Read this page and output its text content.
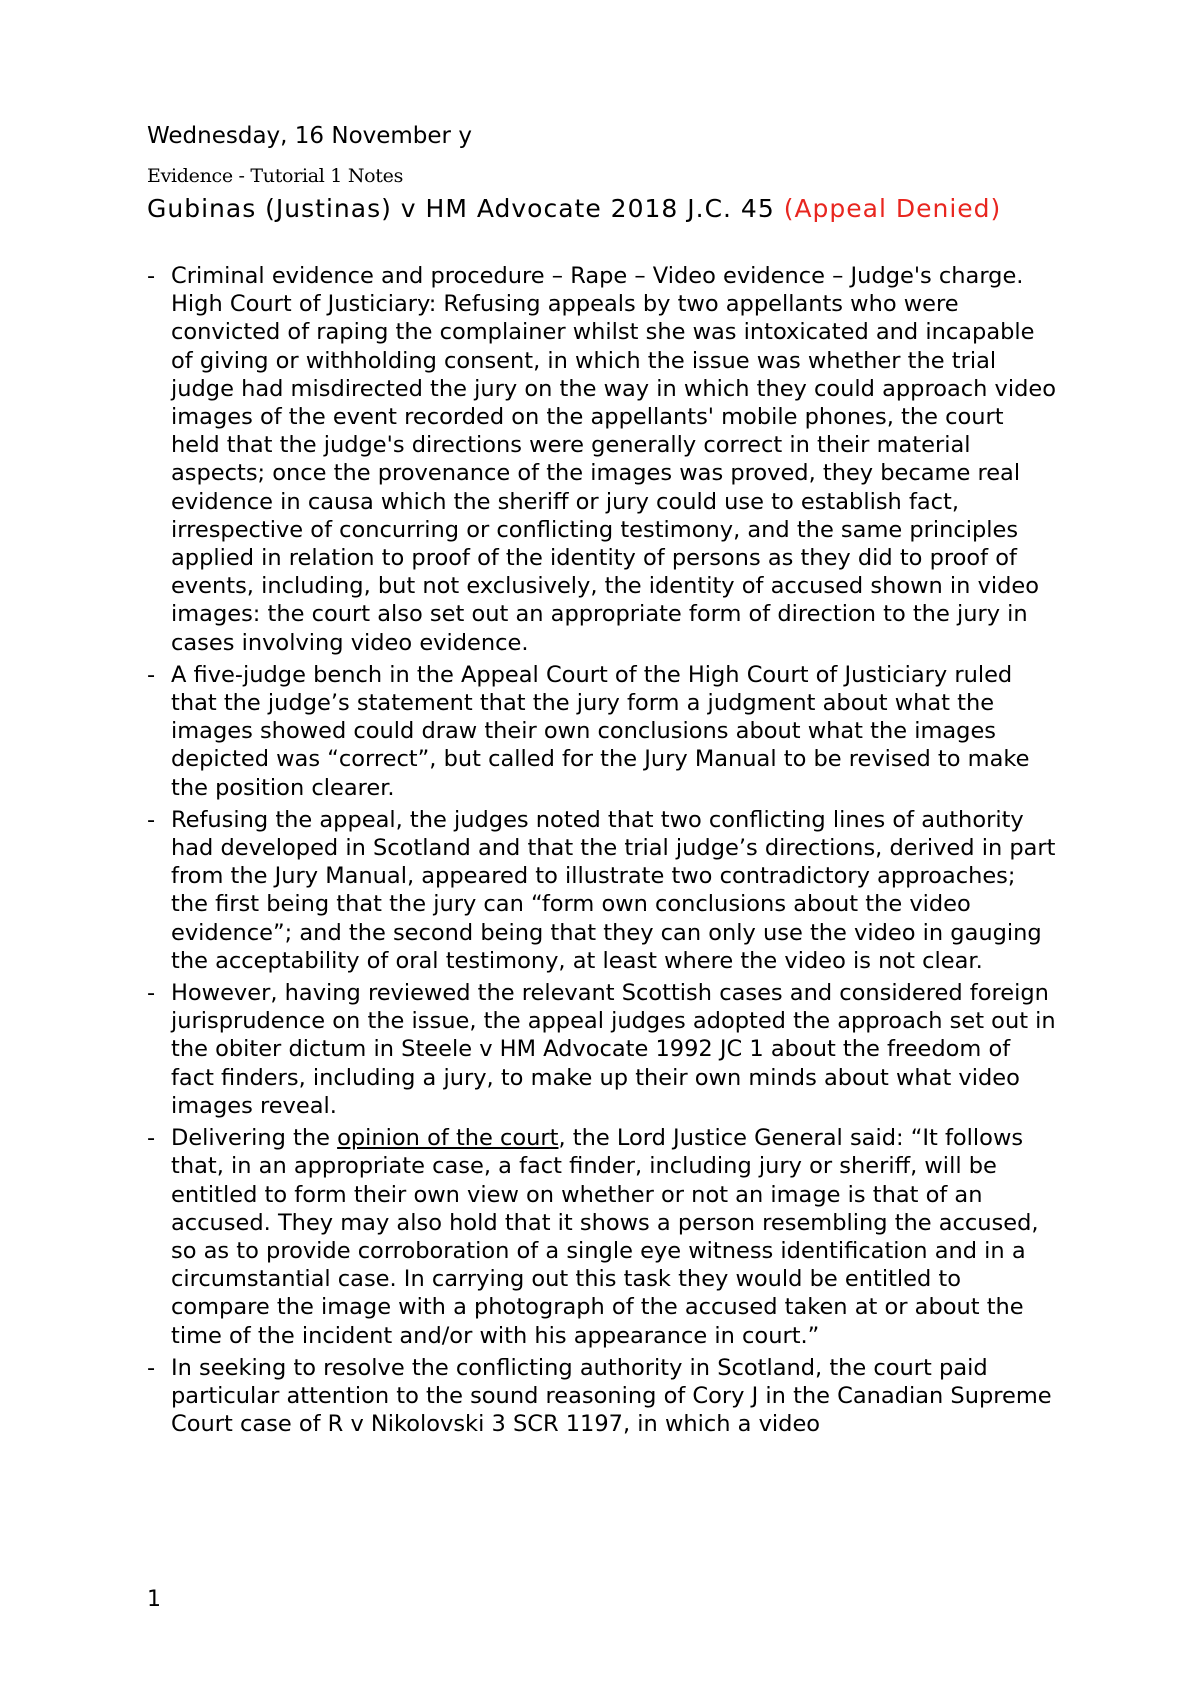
Wednesday, 16 November y
Evidence - Tutorial 1 Notes
Gubinas (Justinas) v HM Advocate 2018 J.C. 45 (Appeal Denied)
- Criminal evidence and procedure – Rape – Video evidence – Judge's charge. High Court of Justiciary: Refusing appeals by two appellants who were convicted of raping the complainer whilst she was intoxicated and incapable of giving or withholding consent, in which the issue was whether the trial judge had misdirected the jury on the way in which they could approach video images of the event recorded on the appellants' mobile phones, the court held that the judge's directions were generally correct in their material aspects; once the provenance of the images was proved, they became real evidence in causa which the sheriff or jury could use to establish fact, irrespective of concurring or conflicting testimony, and the same principles applied in relation to proof of the identity of persons as they did to proof of events, including, but not exclusively, the identity of accused shown in video images: the court also set out an appropriate form of direction to the jury in cases involving video evidence.
- A five-judge bench in the Appeal Court of the High Court of Justiciary ruled that the judge’s statement that the jury form a judgment about what the images showed could draw their own conclusions about what the images depicted was “correct”, but called for the Jury Manual to be revised to make the position clearer.
- Refusing the appeal, the judges noted that two conflicting lines of authority had developed in Scotland and that the trial judge’s directions, derived in part from the Jury Manual, appeared to illustrate two contradictory approaches; the first being that the jury can “form own conclusions about the video evidence”; and the second being that they can only use the video in gauging the acceptability of oral testimony, at least where the video is not clear.
- However, having reviewed the relevant Scottish cases and considered foreign jurisprudence on the issue, the appeal judges adopted the approach set out in the obiter dictum in Steele v HM Advocate 1992 JC 1 about the freedom of fact finders, including a jury, to make up their own minds about what video images reveal.
- Delivering the opinion of the court, the Lord Justice General said: “It follows that, in an appropriate case, a fact finder, including jury or sheriff, will be entitled to form their own view on whether or not an image is that of an accused. They may also hold that it shows a person resembling the accused, so as to provide corroboration of a single eye witness identification and in a circumstantial case. In carrying out this task they would be entitled to compare the image with a photograph of the accused taken at or about the time of the incident and/or with his appearance in court.”
- In seeking to resolve the conflicting authority in Scotland, the court paid particular attention to the sound reasoning of Cory J in the Canadian Supreme Court case of R v Nikolovski 3 SCR 1197, in which a video
1
